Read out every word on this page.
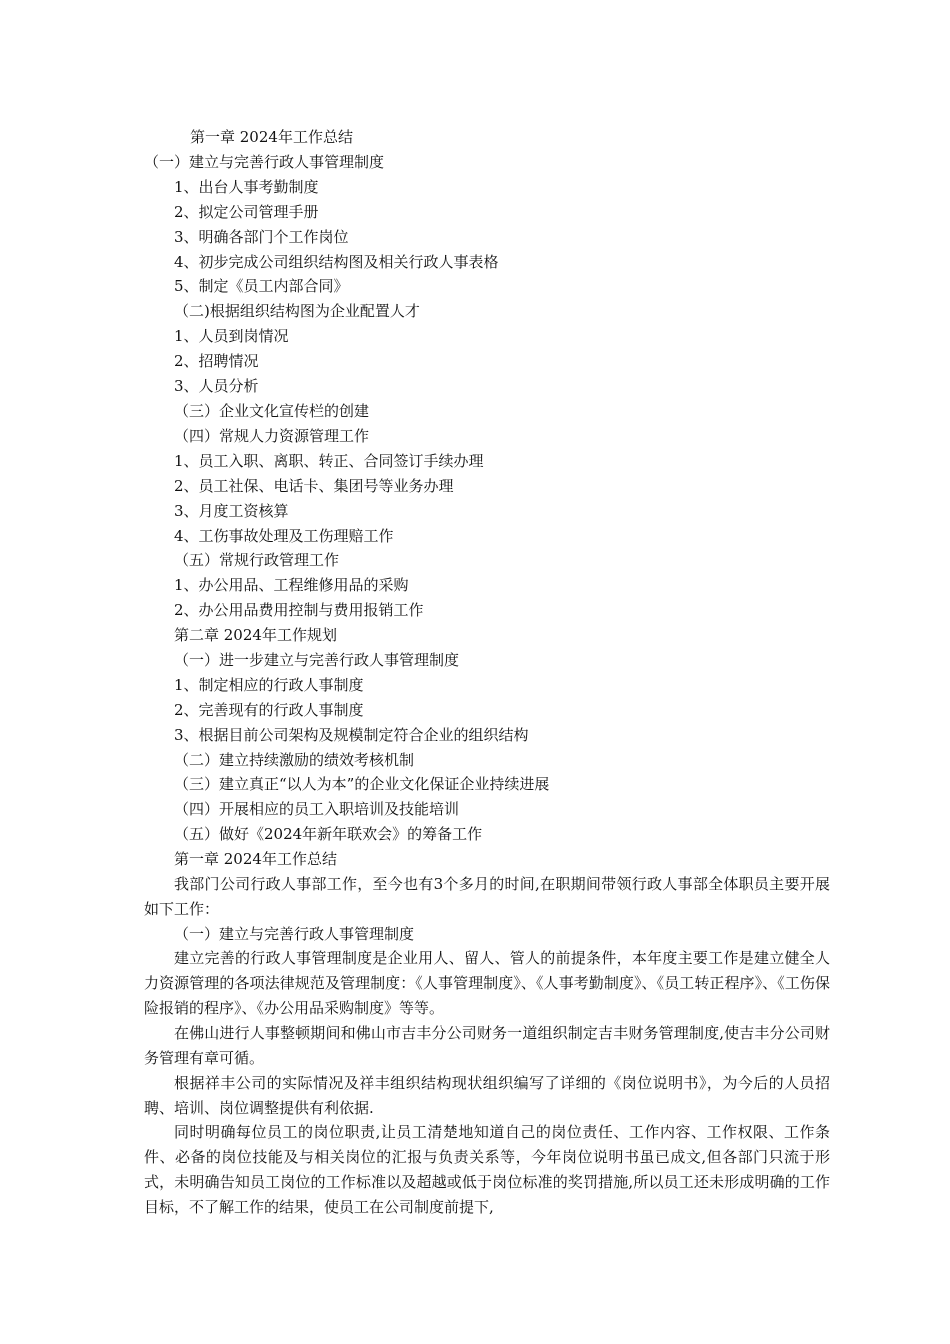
第一章 2024年工作总结
（一）建立与完善行政人事管理制度
1、出台人事考勤制度
2、拟定公司管理手册
3、明确各部门个工作岗位
4、初步完成公司组织结构图及相关行政人事表格
5、制定《员工内部合同》
（二)根据组织结构图为企业配置人才
1、人员到岗情况
2、招聘情况
3、人员分析
（三）企业文化宣传栏的创建
（四）常规人力资源管理工作
1、员工入职、离职、转正、合同签订手续办理
2、员工社保、电话卡、集团号等业务办理
3、月度工资核算
4、工伤事故处理及工伤理赔工作
（五）常规行政管理工作
1、办公用品、工程维修用品的采购
2、办公用品费用控制与费用报销工作
第二章 2024年工作规划
（一）进一步建立与完善行政人事管理制度
1、制定相应的行政人事制度
2、完善现有的行政人事制度
3、根据目前公司架构及规模制定符合企业的组织结构
（二）建立持续激励的绩效考核机制
（三）建立真正“以人为本”的企业文化保证企业持续进展
（四）开展相应的员工入职培训及技能培训
（五）做好《2024年新年联欢会》的筹备工作
第一章 2024年工作总结
我部门公司行政人事部工作，至今也有3个多月的时间,在职期间带领行政人事部全体职员主要开展如下工作：
（一）建立与完善行政人事管理制度
建立完善的行政人事管理制度是企业用人、留人、管人的前提条件，本年度主要工作是建立健全人力资源管理的各项法律规范及管理制度：《人事管理制度》、《人事考勤制度》、《员工转正程序》、《工伤保险报销的程序》、《办公用品采购制度》等等。
在佛山进行人事整顿期间和佛山市吉丰分公司财务一道组织制定吉丰财务管理制度,使吉丰分公司财务管理有章可循。
根据祥丰公司的实际情况及祥丰组织结构现状组织编写了详细的《岗位说明书》，为今后的人员招聘、培训、岗位调整提供有利依据.
同时明确每位员工的岗位职责,让员工清楚地知道自己的岗位责任、工作内容、工作权限、工作条件、必备的岗位技能及与相关岗位的汇报与负责关系等，今年岗位说明书虽已成文,但各部门只流于形式，未明确告知员工岗位的工作标准以及超越或低于岗位标准的奖罚措施,所以员工还未形成明确的工作目标，不了解工作的结果，使员工在公司制度前提下,
